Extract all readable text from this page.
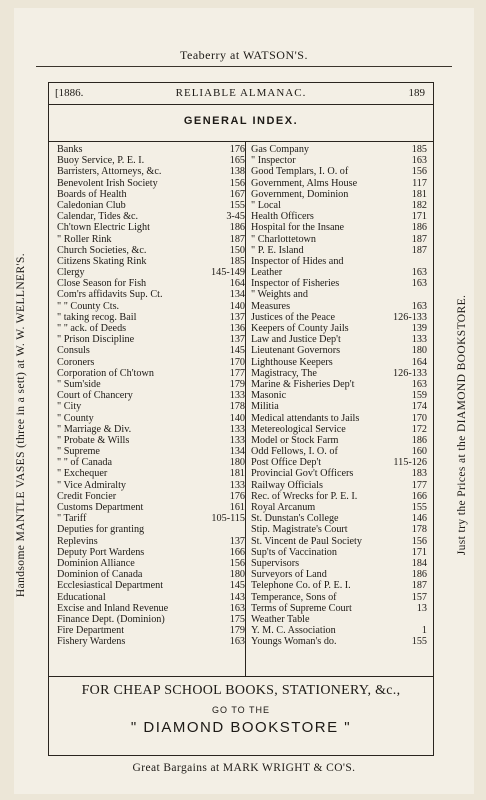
Teaberry at WATSON'S.
Handsome MANTLE VASES (three in a sett) at W. W. WELLNER'S.	Just try the Prices at the DIAMOND BOOKSTORE.
[1886.	RELIABLE ALMANAC.	189
GENERAL INDEX.
Banks	176
Buoy Service, P. E. I.	165
Barristers, Attorneys, &c.	138
Benevolent Irish Society	156
Boards of Health	167
Caledonian Club	155
Calendar, Tides &c.	3-45
Ch'town Electric Light	186
" Roller Rink	187
Church Societies, &c.	150
Citizens Skating Rink	185
Clergy	145-149
Close Season for Fish	164
Com'rs affidavits Sup. Ct.	134
" " County Cts.	140
" taking recog. Bail	137
" " ack. of Deeds	136
" Prison Discipline	137
Consuls	145
Coroners	170
Corporation of Ch'town	177
" Sum'side	179
Court of Chancery	133
" City	178
" County	140
" Marriage & Div.	133
" Probate & Wills	133
" Supreme	134
" " of Canada	180
" Exchequer	181
" Vice Admiralty	133
Credit Foncier	176
Customs Department	161
" Tariff	105-115
Deputies for granting
Replevins	137
Deputy Port Wardens	166
Dominion Alliance	156
Dominion of Canada	180
Ecclesiastical Department	145
Educational	143
Excise and Inland Revenue	163
Finance Dept. (Dominion)	175
Fire Department	179
Fishery Wardens	163
Gas Company	185
" Inspector	163
Good Templars, I. O. of	156
Government, Alms House	117
Government, Dominion	181
" Local	182
Health Officers	171
Hospital for the Insane	186
" Charlottetown	187
" P. E. Island	187
Inspector of Hides and
Leather	163
Inspector of Fisheries	163
" Weights and
Measures	163
Justices of the Peace	126-133
Keepers of County Jails	139
Law and Justice Dep't	133
Lieutenant Governors	180
Lighthouse Keepers	164
Magistracy, The	126-133
Marine & Fisheries Dep't	163
Masonic	159
Militia	174
Medical attendants to Jails	170
Metereological Service	172
Model or Stock Farm	186
Odd Fellows, I. O. of	160
Post Office Dep't	115-126
Provincial Gov't Officers	183
Railway Officials	177
Rec. of Wrecks for P. E. I.	166
Royal Arcanum	155
St. Dunstan's College	146
Stip. Magistrate's Court	178
St. Vincent de Paul Society	156
Sup'ts of Vaccination	171
Supervisors	184
Surveyors of Land	186
Telephone Co. of P. E. I.	187
Temperance, Sons of	157
Terms of Supreme Court	13
Weather Table
Y. M. C. Association	1
Youngs Woman's do.	155
FOR CHEAP SCHOOL BOOKS, STATIONERY, &c.,
GO TO THE
" DIAMOND BOOKSTORE "
Great Bargains at MARK WRIGHT & CO'S.
